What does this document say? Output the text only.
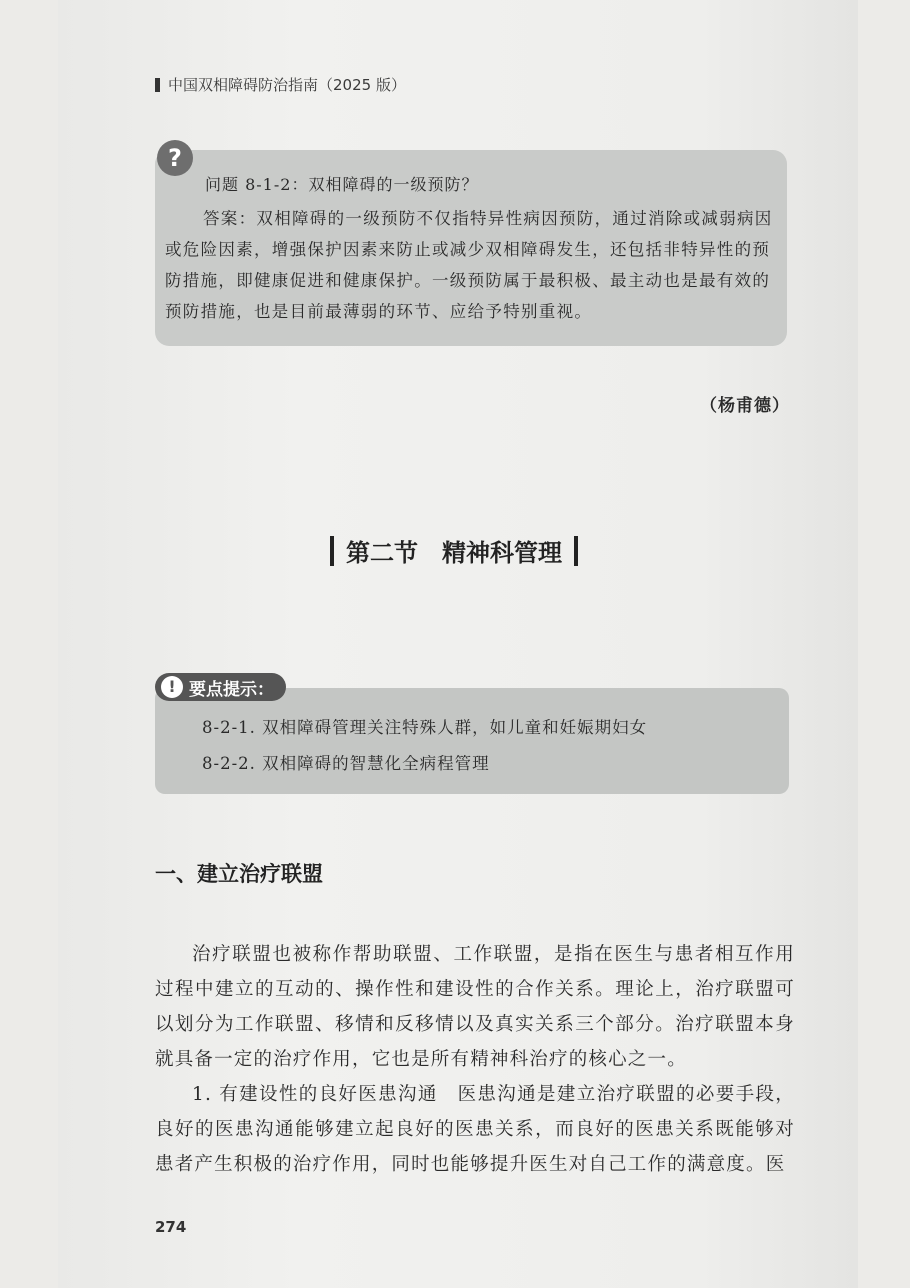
中国双相障碍防治指南（2025 版）
?
问题 8-1-2：双相障碍的一级预防？
答案：双相障碍的一级预防不仅指特异性病因预防，通过消除或减弱病因或危险因素，增强保护因素来防止或减少双相障碍发生，还包括非特异性的预防措施，即健康促进和健康保护。一级预防属于最积极、最主动也是最有效的预防措施，也是目前最薄弱的环节、应给予特别重视。
（杨甫德）
第二节　精神科管理
! 要点提示：
8-2-1. 双相障碍管理关注特殊人群，如儿童和妊娠期妇女
8-2-2. 双相障碍的智慧化全病程管理
一、建立治疗联盟
治疗联盟也被称作帮助联盟、工作联盟，是指在医生与患者相互作用过程中建立的互动的、操作性和建设性的合作关系。理论上，治疗联盟可以划分为工作联盟、移情和反移情以及真实关系三个部分。治疗联盟本身就具备一定的治疗作用，它也是所有精神科治疗的核心之一。
1. 有建设性的良好医患沟通　医患沟通是建立治疗联盟的必要手段，良好的医患沟通能够建立起良好的医患关系，而良好的医患关系既能够对患者产生积极的治疗作用，同时也能够提升医生对自己工作的满意度。医
274
